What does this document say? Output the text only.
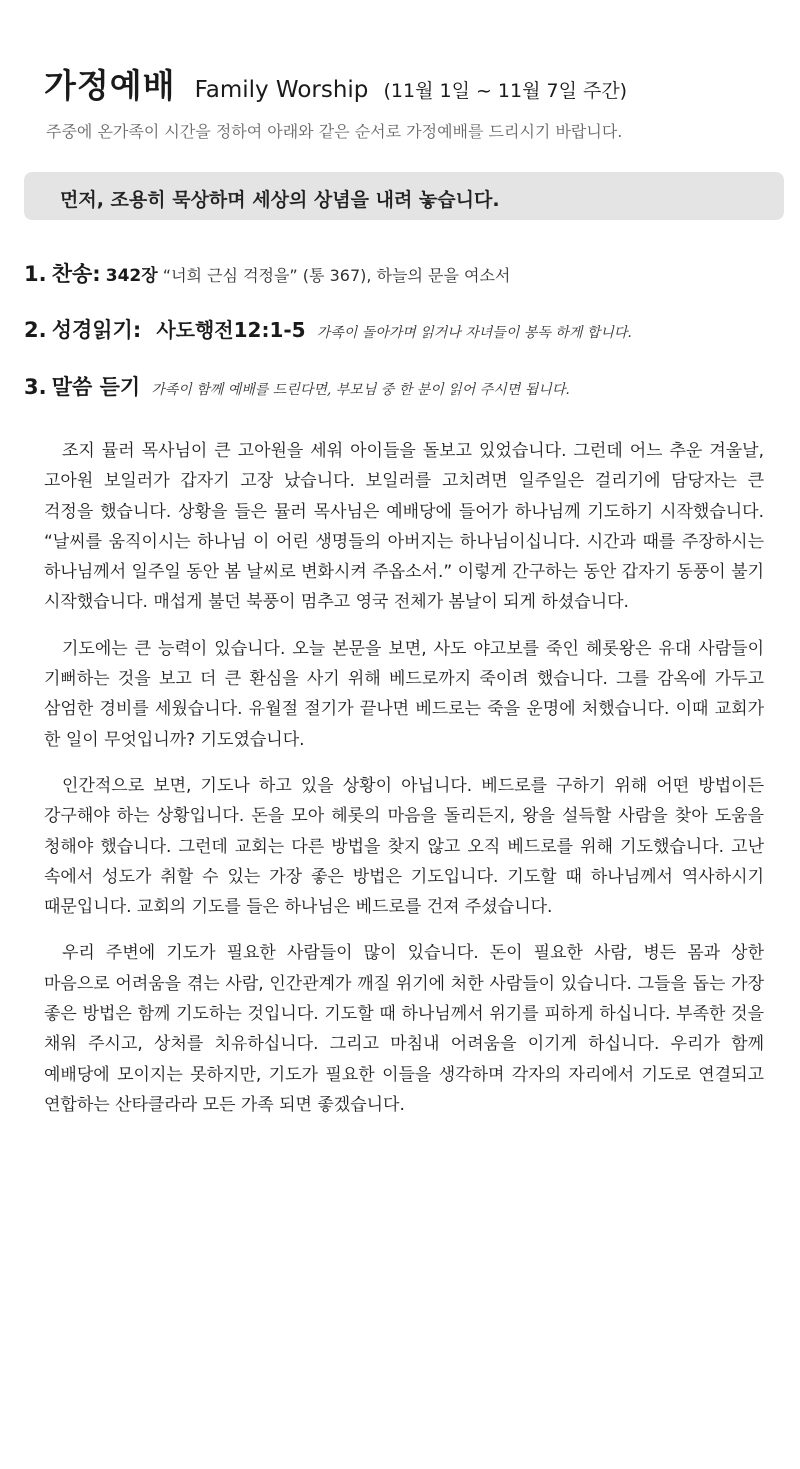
가정예배 Family Worship (11월 1일 ~ 11월 7일 주간)
주중에 온가족이 시간을 정하여 아래와 같은 순서로 가정예배를 드리시기 바랍니다.
먼저, 조용히 묵상하며 세상의 상념을 내려 놓습니다.
1. 찬송: 342장 “너희 근심 걱정을” (통 367), 하늘의 문을 여소서
2. 성경읽기: 사도행전12:1-5 가족이 돌아가며 읽거나 자녀들이 봉독 하게 합니다.
3. 말씀 듣기 가족이 함께 예배를 드린다면, 부모님 중 한 분이 읽어 주시면 됩니다.

조지 뮬러 목사님이 큰 고아원을 세워 아이들을 돌보고 있었습니다. 그런데 어느 추운 겨울날, 고아원 보일러가 갑자기 고장 났습니다. 보일러를 고치려면 일주일은 걸리기에 담당자는 큰 걱정을 했습니다. 상황을 들은 뮬러 목사님은 예배당에 들어가 하나님께 기도하기 시작했습니다. “날씨를 움직이시는 하나님 이 어린 생명들의 아버지는 하나님이십니다. 시간과 때를 주장하시는 하나님께서 일주일 동안 봄 날씨로 변화시켜 주옵소서.” 이렇게 간구하는 동안 갑자기 동풍이 불기 시작했습니다. 매섭게 불던 북풍이 멈추고 영국 전체가 봄날이 되게 하셨습니다.

기도에는 큰 능력이 있습니다. 오늘 본문을 보면, 사도 야고보를 죽인 헤롯왕은 유대 사람들이 기뻐하는 것을 보고 더 큰 환심을 사기 위해 베드로까지 죽이려 했습니다. 그를 감옥에 가두고 삼엄한 경비를 세웠습니다. 유월절 절기가 끝나면 베드로는 죽을 운명에 처했습니다. 이때 교회가 한 일이 무엇입니까? 기도였습니다.

인간적으로 보면, 기도나 하고 있을 상황이 아닙니다. 베드로를 구하기 위해 어떤 방법이든 강구해야 하는 상황입니다. 돈을 모아 헤롯의 마음을 돌리든지, 왕을 설득할 사람을 찾아 도움을 청해야 했습니다. 그런데 교회는 다른 방법을 찾지 않고 오직 베드로를 위해 기도했습니다. 고난 속에서 성도가 취할 수 있는 가장 좋은 방법은 기도입니다. 기도할 때 하나님께서 역사하시기 때문입니다. 교회의 기도를 들은 하나님은 베드로를 건져 주셨습니다.

우리 주변에 기도가 필요한 사람들이 많이 있습니다. 돈이 필요한 사람, 병든 몸과 상한 마음으로 어려움을 겪는 사람, 인간관계가 깨질 위기에 처한 사람들이 있습니다. 그들을 돕는 가장 좋은 방법은 함께 기도하는 것입니다. 기도할 때 하나님께서 위기를 피하게 하십니다. 부족한 것을 채워 주시고, 상처를 치유하십니다. 그리고 마침내 어려움을 이기게 하십니다. 우리가 함께 예배당에 모이지는 못하지만, 기도가 필요한 이들을 생각하며 각자의 자리에서 기도로 연결되고 연합하는 산타클라라 모든 가족 되면 좋겠습니다.
